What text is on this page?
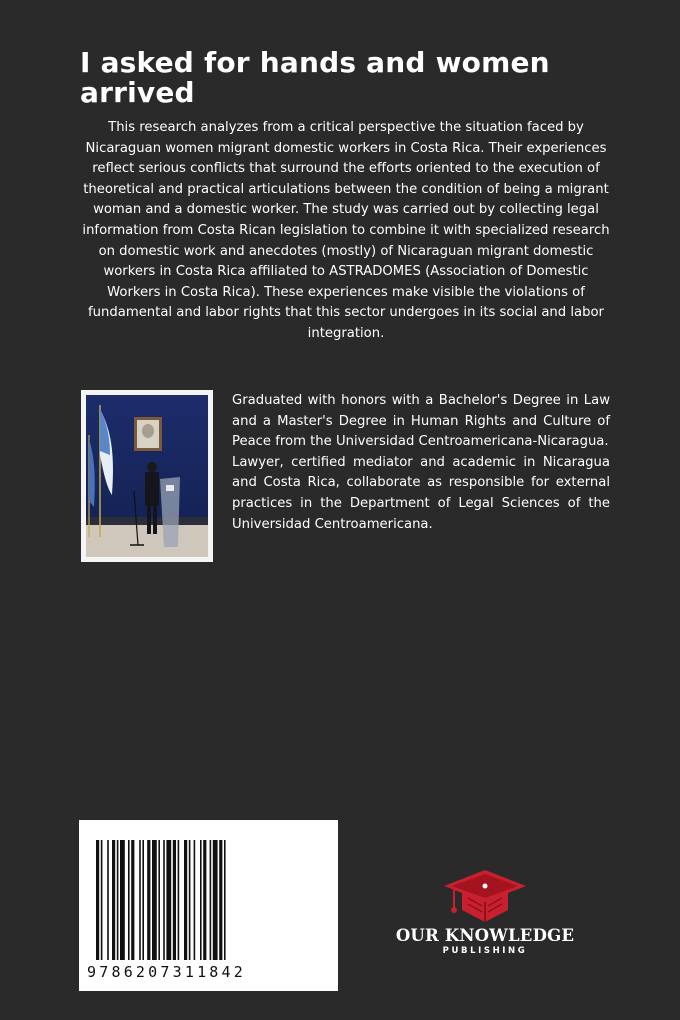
I asked for hands and women arrived

This research analyzes from a critical perspective the situation faced by Nicaraguan women migrant domestic workers in Costa Rica. Their experiences reflect serious conflicts that surround the efforts oriented to the execution of theoretical and practical articulations between the condition of being a migrant woman and a domestic worker. The study was carried out by collecting legal information from Costa Rican legislation to combine it with specialized research on domestic work and anecdotes (mostly) of Nicaraguan migrant domestic workers in Costa Rica affiliated to ASTRADOMES (Association of Domestic Workers in Costa Rica). These experiences make visible the violations of fundamental and labor rights that this sector undergoes in its social and labor integration.

Graduated with honors with a Bachelor's Degree in Law and a Master's Degree in Human Rights and Culture of Peace from the Universidad Centroamericana-Nicaragua.

Lawyer, certified mediator and academic in Nicaragua and Costa Rica, collaborate as responsible for external practices in the Department of Legal Sciences of the Universidad Centroamericana.

9786207311842
OUR KNOWLEDGE
PUBLISHING
